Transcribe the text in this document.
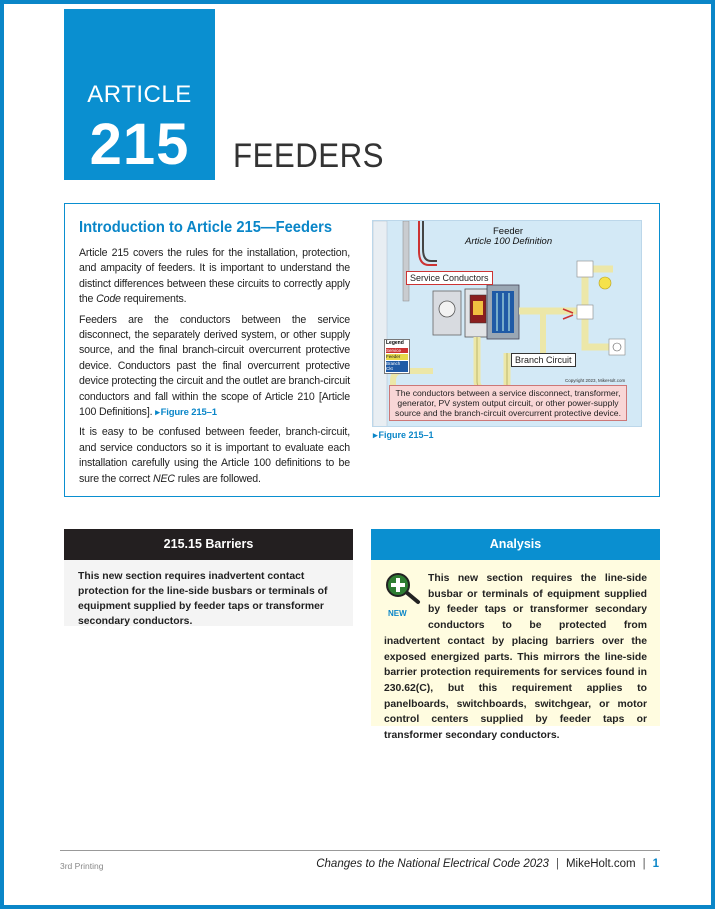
ARTICLE
215	FEEDERS
Introduction to Article 215—Feeders

Article 215 covers the rules for the installation, protection, and ampacity of feeders. It is important to understand the distinct differences between these circuits to correctly apply the Code requirements.

Feeders are the conductors between the service disconnect, the separately derived system, or other supply source, and the final branch-circuit overcurrent protective device. Conductors past the final overcurrent protective device protecting the circuit and the outlet are branch-circuit conductors and fall within the scope of Article 210 [Article 100 Definitions]. ▸ Figure 215–1

It is easy to be confused between feeder, branch-circuit, and service conductors so it is important to evaluate each installation carefully using the Article 100 definitions to be sure the correct NEC rules are followed.

Feeder
Article 100 Definition
Service Conductors
Branch Circuit
Legend
Service
Feeder
Branch Ckt
Copyright 2023, MikeHolt.com
The conductors between a service disconnect, transformer, generator, PV system output circuit, or other power-supply source and the branch-circuit overcurrent protective device.
▸ Figure 215–1
215.15 Barriers
This new section requires inadvertent contact protection for the line-side busbars or terminals of equipment supplied by feeder taps or transformer secondary conductors.
Analysis
NEW
This new section requires the line-side busbar or terminals of equipment supplied by feeder taps or transformer secondary conductors to be protected from inadvertent contact by placing barriers over the exposed energized parts. This mirrors the line-side barrier protection requirements for services found in 230.62(C), but this requirement applies to panelboards, switchboards, switchgear, or motor control centers supplied by feeder taps or transformer secondary conductors.
3rd Printing	Changes to the National Electrical Code 2023 | MikeHolt.com | 1
